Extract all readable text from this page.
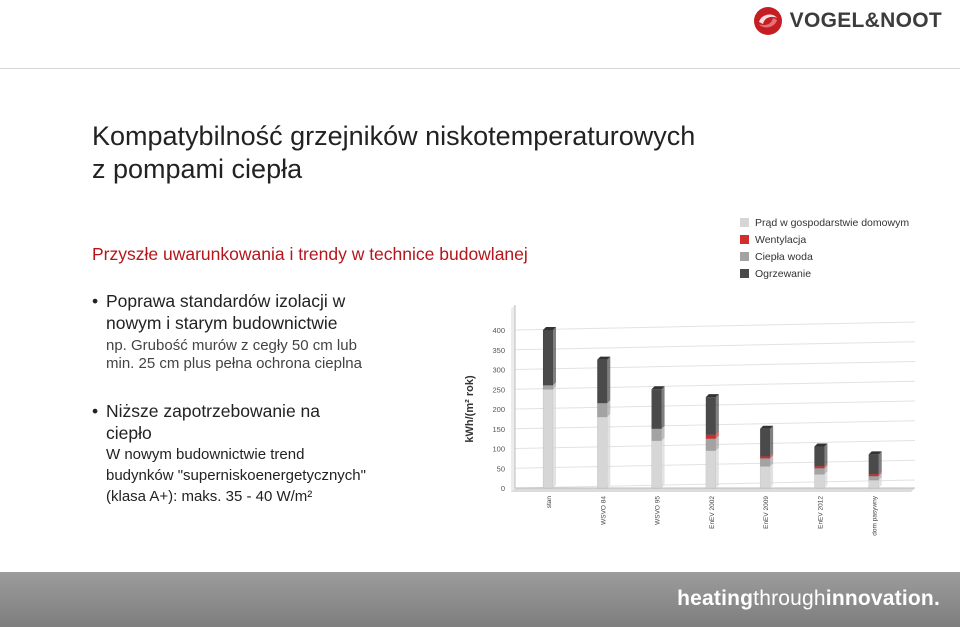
VOGEL&NOOT
Kompatybilność grzejników niskotemperaturowych
z pompami ciepła
Przyszłe uwarunkowania i trendy w technice budowlanej
• Poprawa standardów izolacji w
nowym i starym budownictwie
np. Grubość murów z cegły 50 cm lub
min. 25 cm plus pełna ochrona cieplna
• Niższe zapotrzebowanie na
ciepło
W nowym budownictwie trend
budynków "superniskoenergetycznych"
(klasa A+): maks. 35 - 40 W/m²	0
50
100
150
200
250
300
350
400
kWh/(m² rok)
stan	WSVO 84	WSVO 95	EnEV 2002	EnEV 2009	EnEV 2012	dom pasywny
Prąd w gospodarstwie domowym
Wentylacja
Ciepła woda
Ogrzewanie
heatingthroughinnovation.
